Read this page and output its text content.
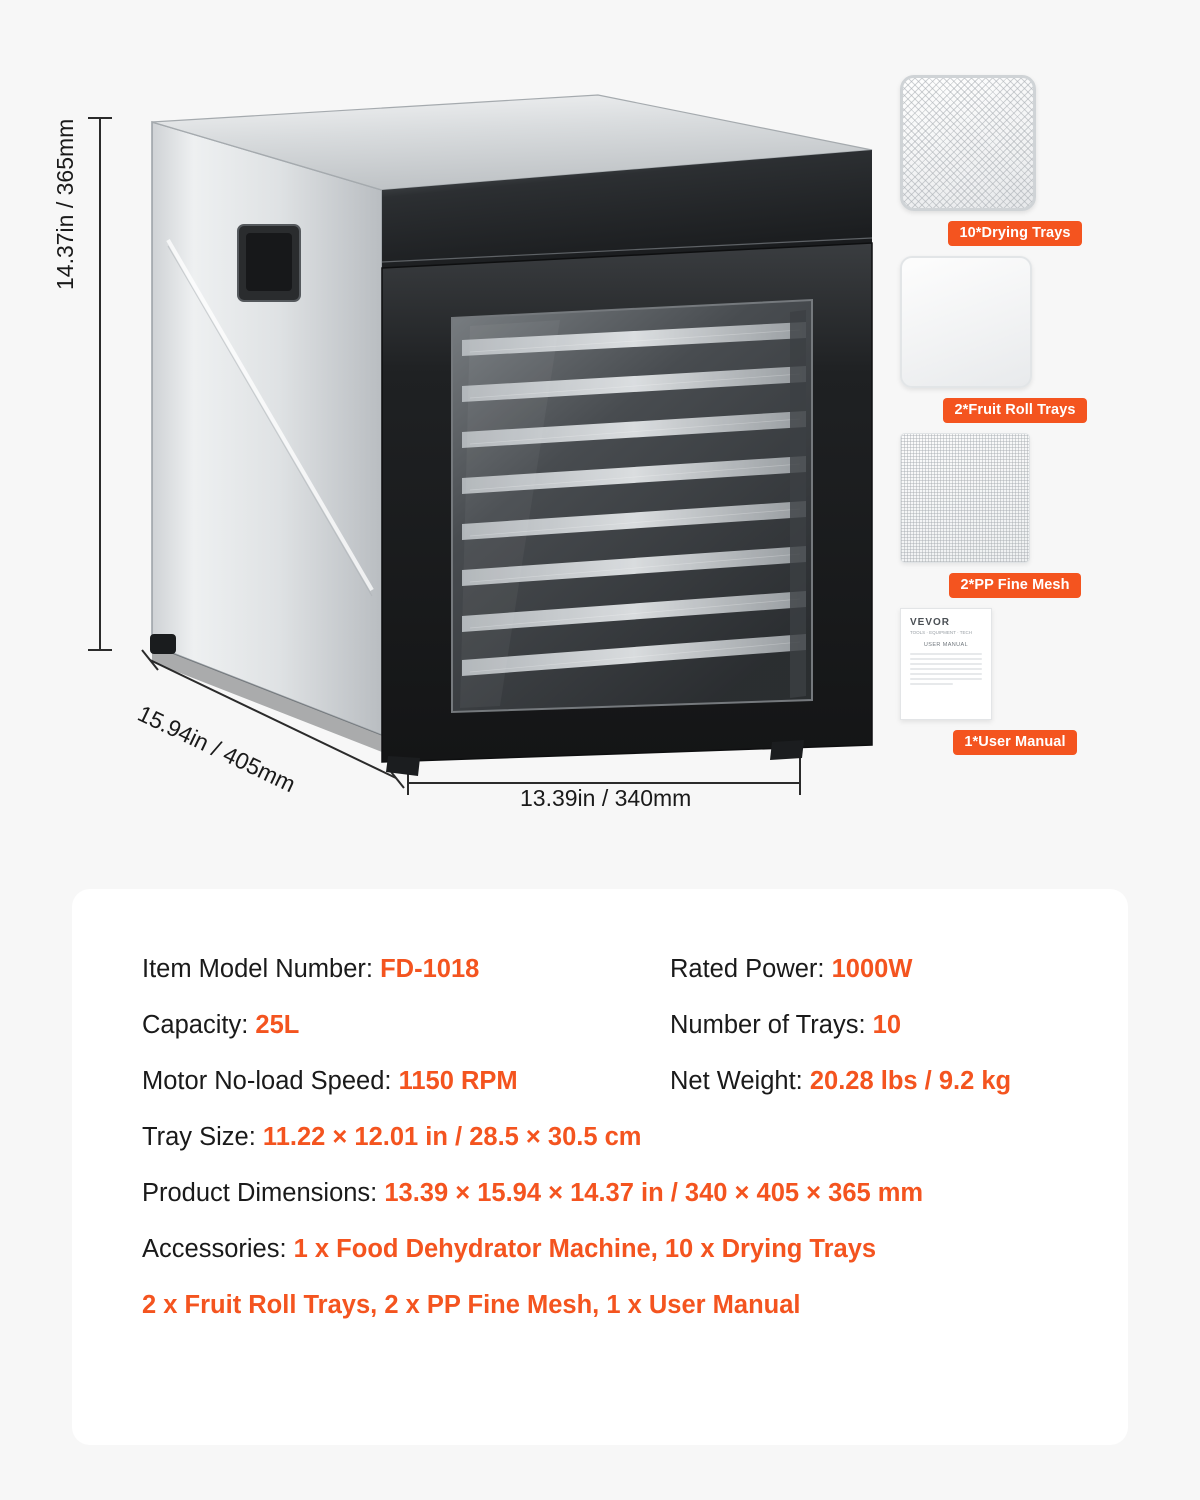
14.37in / 365mm
15.94in / 405mm
13.39in / 340mm
10*Drying Trays
2*Fruit Roll Trays
2*PP Fine Mesh
VEVOR
TOOLS · EQUIPMENT · TECH
USER MANUAL
1*User Manual
Item Model Number: FD-1018	Rated Power: 1000W
Capacity: 25L	Number of Trays: 10
Motor No-load Speed: 1150 RPM	Net Weight: 20.28 lbs / 9.2 kg
Tray Size: 11.22 × 12.01 in / 28.5 × 30.5 cm
Product Dimensions: 13.39 × 15.94 × 14.37 in / 340 × 405 × 365 mm
Accessories: 1 x Food Dehydrator Machine, 10 x Drying Trays
2 x Fruit Roll Trays, 2 x PP Fine Mesh, 1 x User Manual
